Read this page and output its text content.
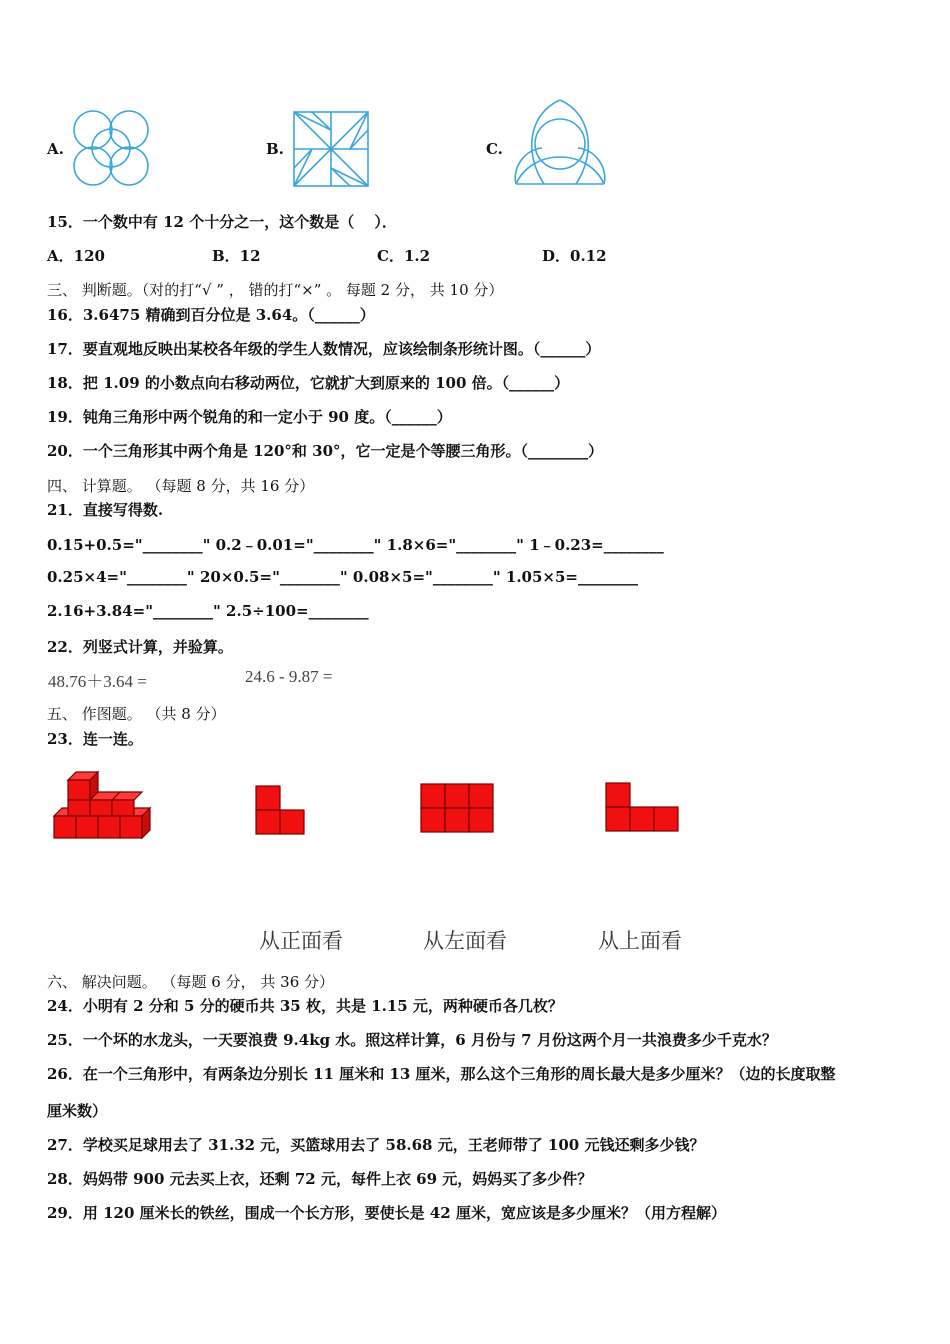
A.	B.	C.
15．一个数中有 12 个十分之一，这个数是（　 ）．
A．120	B．12	C．1.2	D．0.12
三、 判断题。（对的打“√ ” ， 错的打“×” 。 每题 2 分， 共 10 分）
16．3.6475 精确到百分位是 3.64。（______）
17．要直观地反映出某校各年级的学生人数情况，应该绘制条形统计图。（______）
18．把 1.09 的小数点向右移动两位，它就扩大到原来的 100 倍。（______）
19．钝角三角形中两个锐角的和一定小于 90 度。（______）
20．一个三角形其中两个角是 120°和 30°，它一定是个等腰三角形。（________）
四、 计算题。 （每题 8 分，共 16 分）
21．直接写得数.
0.15+0.5="________" 0.2﹣0.01="________" 1.8×6="________" 1﹣0.23=________
0.25×4="________" 20×0.5="________" 0.08×5="________" 1.05×5=________
2.16+3.84="________" 2.5÷100=________
22．列竖式计算，并验算。
48.76＋3.64 =	24.6 - 9.87 =
五、 作图题。 （共 8 分）
23．连一连。
从正面看	从左面看	从上面看
六、 解决问题。 （每题 6 分， 共 36 分）
24．小明有 2 分和 5 分的硬币共 35 枚，共是 1.15 元，两种硬币各几枚？
25．一个坏的水龙头，一天要浪费 9.4kg 水。照这样计算，6 月份与 7 月份这两个月一共浪费多少千克水？
26．在一个三角形中，有两条边分别长 11 厘米和 13 厘米，那么这个三角形的周长最大是多少厘米？（边的长度取整
厘米数）
27．学校买足球用去了 31.32 元，买篮球用去了 58.68 元，王老师带了 100 元钱还剩多少钱？
28．妈妈带 900 元去买上衣，还剩 72 元，每件上衣 69 元，妈妈买了多少件？
29．用 120 厘米长的铁丝，围成一个长方形，要使长是 42 厘米，宽应该是多少厘米？（用方程解）
